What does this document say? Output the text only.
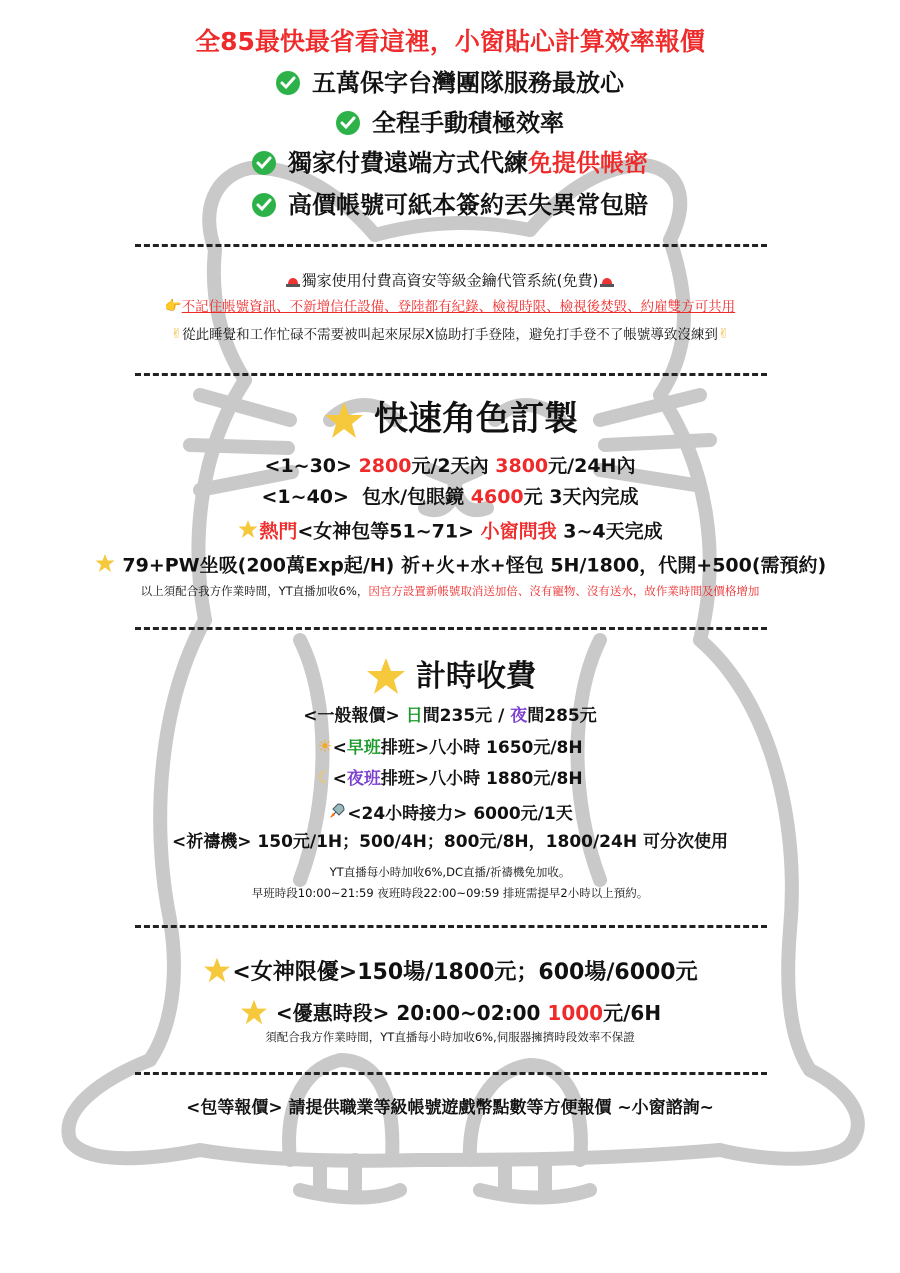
全85最快最省看這裡，小窗貼心計算效率報價
五萬保字台灣團隊服務最放心
全程手動積極效率
獨家付費遠端方式代練免提供帳密
高價帳號可紙本簽約丟失異常包賠
獨家使用付費高資安等級金鑰代管系統(免費)
👉不記住帳號資訊、不新增信任設備、登陸都有紀錄、檢視時限、檢視後焚毀、約雇雙方可共用
✌從此睡覺和工作忙碌不需要被叫起來尿尿X協助打手登陸，避免打手登不了帳號導致沒練到✌
快速角色訂製
<1~30> 2800元/2天內 3800元/24H內
<1~40> 包水/包眼鏡 4600元 3天內完成
熱門<女神包等51~71> 小窗問我 3~4天完成
79+PW坐吸(200萬Exp起/H) 祈+火+水+怪包 5H/1800，代開+500(需預約)
以上須配合我方作業時間，YT直播加收6%，因官方設置新帳號取消送加倍、沒有寵物、沒有送水，故作業時間及價格增加
計時收費
<一般報價> 日間235元 / 夜間285元
☀<早班排班>八小時 1650元/8H
☾<夜班排班>八小時 1880元/8H
<24小時接力> 6000元/1天
<祈禱機> 150元/1H；500/4H；800元/8H，1800/24H 可分次使用
YT直播每小時加收6%,DC直播/祈禱機免加收。
早班時段10:00~21:59 夜班時段22:00~09:59 排班需提早2小時以上預約。
<女神限優>150場/1800元；600場/6000元
<優惠時段> 20:00~02:00 1000元/6H
須配合我方作業時間，YT直播每小時加收6%,伺服器擁擠時段效率不保證
<包等報價> 請提供職業等級帳號遊戲幣點數等方便報價 ~小窗諮詢~
